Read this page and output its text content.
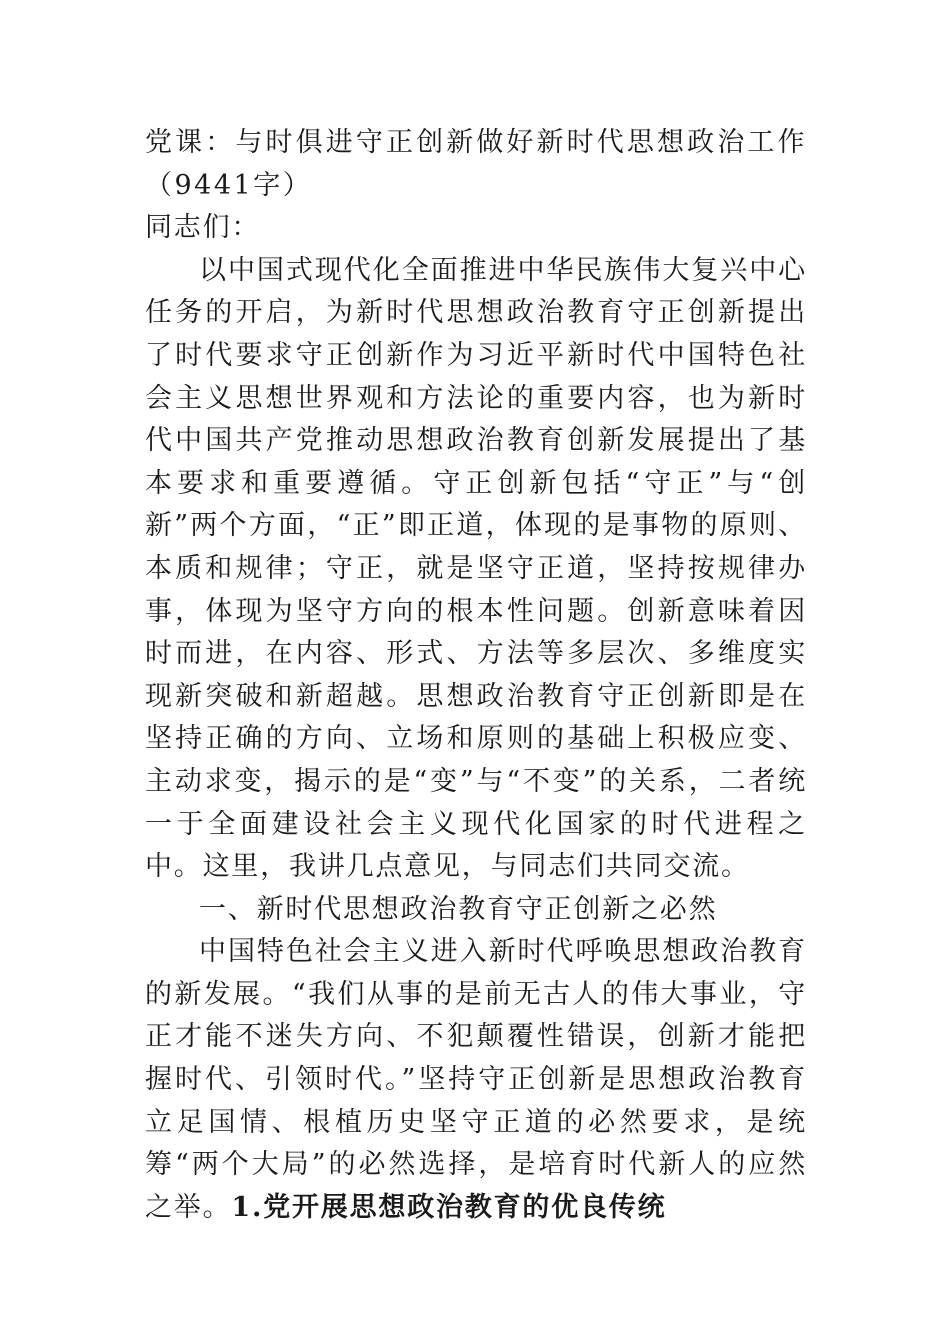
党课：与时俱进守正创新做好新时代思想政治工作（9441字）

同志们：

以中国式现代化全面推进中华民族伟大复兴中心任务的开启，为新时代思想政治教育守正创新提出了时代要求守正创新作为习近平新时代中国特色社会主义思想世界观和方法论的重要内容，也为新时代中国共产党推动思想政治教育创新发展提出了基本要求和重要遵循。守正创新包括“守正”与“创新”两个方面，“正”即正道，体现的是事物的原则、本质和规律；守正，就是坚守正道，坚持按规律办事，体现为坚守方向的根本性问题。创新意味着因时而进，在内容、形式、方法等多层次、多维度实现新突破和新超越。思想政治教育守正创新即是在坚持正确的方向、立场和原则的基础上积极应变、主动求变，揭示的是“变”与“不变”的关系，二者统一于全面建设社会主义现代化国家的时代进程之中。这里，我讲几点意见，与同志们共同交流。

一、新时代思想政治教育守正创新之必然

中国特色社会主义进入新时代呼唤思想政治教育的新发展。“我们从事的是前无古人的伟大事业，守正才能不迷失方向、不犯颠覆性错误，创新才能把握时代、引领时代。”坚持守正创新是思想政治教育立足国情、根植历史坚守正道的必然要求，是统筹“两个大局”的必然选择，是培育时代新人的应然之举。1.党开展思想政治教育的优良传统
